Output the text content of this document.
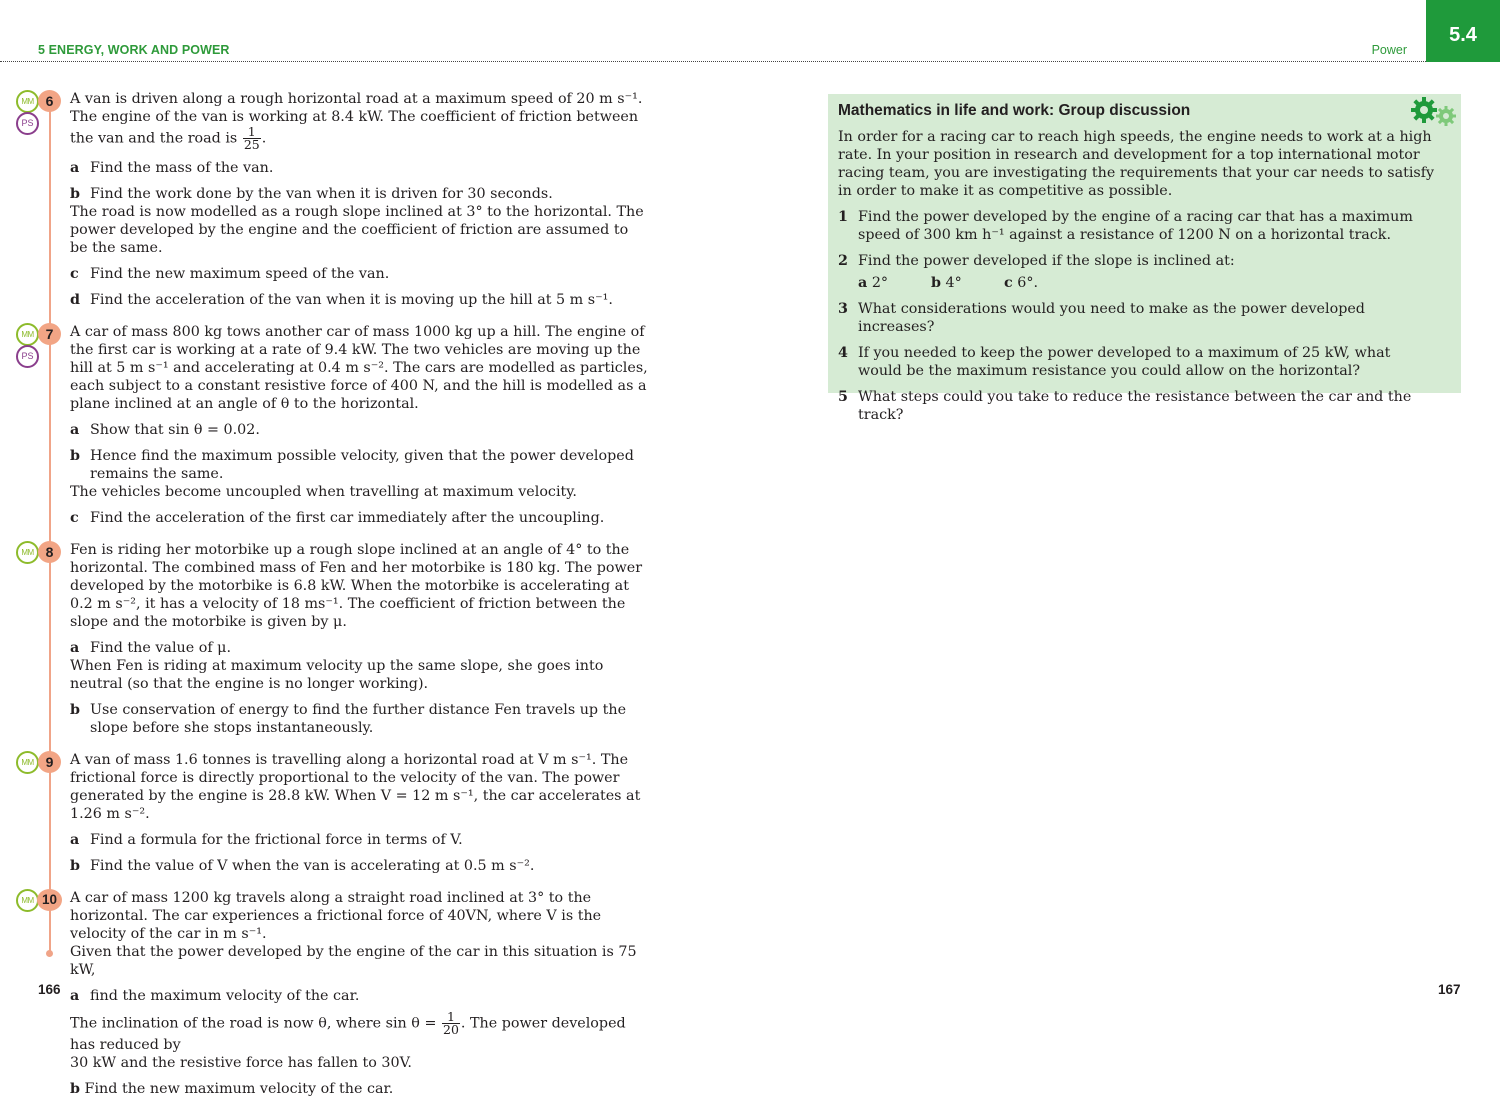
5 ENERGY, WORK AND POWER	Power
5.4
MM
PS
6	A van is driven along a rough horizontal road at a maximum speed of 20 m s⁻¹. The engine of the van is working at 8.4 kW. The coefficient of friction between the van and the road is $\frac{1}{25}$ .

a Find the mass of the van.
b Find the work done by the van when it is driven for 30 seconds.

The road is now modelled as a rough slope inclined at 3° to the horizontal. The power developed by the engine and the coefficient of friction are assumed to be the same.

c Find the new maximum speed of the van.
d Find the acceleration of the van when it is moving up the hill at 5 m s⁻¹.
MM
PS
7	A car of mass 800 kg tows another car of mass 1000 kg up a hill. The engine of the first car is working at a rate of 9.4 kW. The two vehicles are moving up the hill at 5 m s⁻¹ and accelerating at 0.4 m s⁻². The cars are modelled as particles, each subject to a constant resistive force of 400 N, and the hill is modelled as a plane inclined at an angle of θ to the horizontal.

a Show that sin θ = 0.02.
b Hence find the maximum possible velocity, given that the power developed remains the same.

The vehicles become uncoupled when travelling at maximum velocity.

c Find the acceleration of the first car immediately after the uncoupling.
MM 8	Fen is riding her motorbike up a rough slope inclined at an angle of 4° to the horizontal. The combined mass of Fen and her motorbike is 180 kg. The power developed by the motorbike is 6.8 kW. When the motorbike is accelerating at 0.2 m s⁻², it has a velocity of 18 ms⁻¹. The coefficient of friction between the slope and the motorbike is given by μ.

a Find the value of μ.

When Fen is riding at maximum velocity up the same slope, she goes into neutral (so that the engine is no longer working).

b Use conservation of energy to find the further distance Fen travels up the slope before she stops instantaneously.
MM 9	A van of mass 1.6 tonnes is travelling along a horizontal road at V m s⁻¹. The frictional force is directly proportional to the velocity of the van. The power generated by the engine is 28.8 kW. When V = 12 m s⁻¹, the car accelerates at 1.26 m s⁻².

a Find a formula for the frictional force in terms of V.
b Find the value of V when the van is accelerating at 0.5 m s⁻².
MM 10 A car of mass 1200 kg travels along a straight road inclined at 3° to the horizontal. The car experiences a frictional force of 40VN, where V is the velocity of the car in m s⁻¹.

Given that the power developed by the engine of the car in this situation is 75 kW,

a find the maximum velocity of the car.

The inclination of the road is now θ, where $\sin \theta = \frac{1}{20}$ . The power developed has reduced by
30 kW and the resistive force has fallen to 30V.

b Find the new maximum velocity of the car.
166	167
Mathematics in life and work: Group discussion

In order for a racing car to reach high speeds, the engine needs to work at a high rate. In your position in research and development for a top international motor racing team, you are investigating the requirements that your car needs to satisfy in order to make it as competitive as possible.

1 Find the power developed by the engine of a racing car that has a maximum speed of 300 km h⁻¹ against a resistance of 1200 N on a horizontal track.
2 Find the power developed if the slope is inclined at:
a 2°	b 4°	c 6°.
3 What considerations would you need to make as the power developed increases?
4 If you needed to keep the power developed to a maximum of 25 kW, what would be the maximum resistance you could allow on the horizontal?
5 What steps could you take to reduce the resistance between the car and the track?
